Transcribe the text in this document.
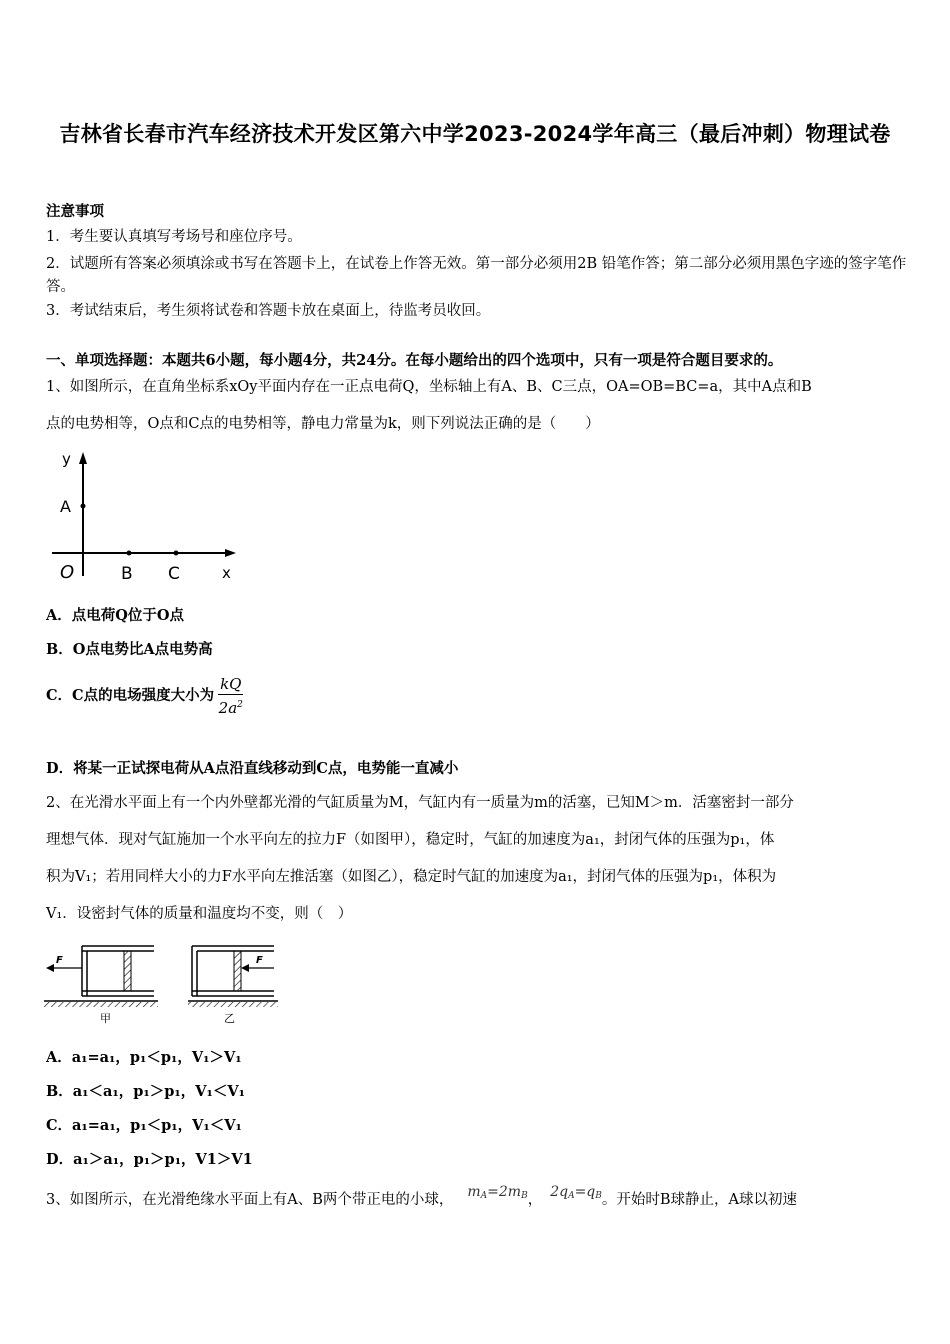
吉林省长春市汽车经济技术开发区第六中学2023-2024学年高三（最后冲刺）物理试卷
注意事项
1．考生要认真填写考场号和座位序号。
2．试题所有答案必须填涂或书写在答题卡上，在试卷上作答无效。第一部分必须用2B 铅笔作答；第二部分必须用黑色字迹的签字笔作答。
3．考试结束后，考生须将试卷和答题卡放在桌面上，待监考员收回。
一、单项选择题：本题共6小题，每小题4分，共24分。在每小题给出的四个选项中，只有一项是符合题目要求的。
1、如图所示，在直角坐标系xOy平面内存在一正点电荷Q，坐标轴上有A、B、C三点，OA=OB=BC=a，其中A点和B
点的电势相等，O点和C点的电势相等，静电力常量为k，则下列说法正确的是（　　）
y
A
O	B C	x
A．点电荷Q位于O点
B．O点电势比A点电势高
C．C点的电场强度大小为 $\frac{kQ}{2a^2}$
D．将某一正试探电荷从A点沿直线移动到C点，电势能一直减小
2、在光滑水平面上有一个内外壁都光滑的气缸质量为M，气缸内有一质量为m的活塞，已知M＞m．活塞密封一部分
理想气体．现对气缸施加一个水平向左的拉力F（如图甲），稳定时，气缸的加速度为a₁，封闭气体的压强为p₁，体
积为V₁；若用同样大小的力F水平向左推活塞（如图乙），稳定时气缸的加速度为a₁，封闭气体的压强为p₁，体积为
V₁．设密封气体的质量和温度均不变，则（　）
F
甲
F
乙
A．a₁=a₁，p₁＜p₁，V₁＞V₁
B．a₁＜a₁，p₁＞p₁，V₁＜V₁
C．a₁=a₁，p₁＜p₁，V₁＜V₁
D．a₁＞a₁，p₁＞p₁，V1＞V1
3、如图所示，在光滑绝缘水平面上有A、B两个带正电的小球， $m_A=2m_B$， $2q_A=q_B$。开始时B球静止，A球以初速
